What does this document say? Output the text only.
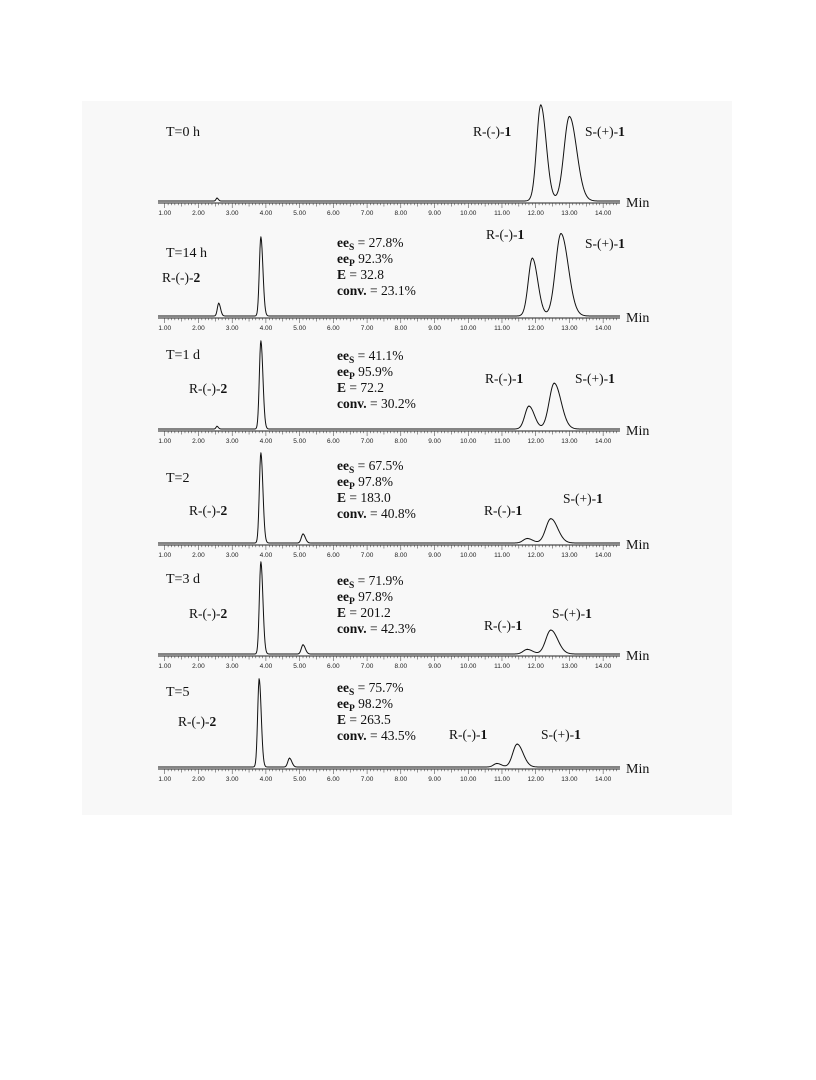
1.00	2.00	3.00	4.00	5.00	6.00	7.00	8.00	9.00	10.00	11.00	12.00	13.00	14.00
Min
T=0 h	R-(-)-1	S-(+)-1
1.00	2.00	3.00	4.00	5.00	6.00	7.00	8.00	9.00	10.00	11.00	12.00	13.00	14.00
Min
T=14 h
R-(-)-2
R-(-)-1
S-(+)-1
$ee_S = 27.8\%$
$ee_P$ 92.3%
E = 32.8
conv. = 23.1%
1.00	2.00	3.00	4.00	5.00	6.00	7.00	8.00	9.00	10.00	11.00	12.00	13.00	14.00
Min
T=1 d
R-(-)-2
R-(-)-1	S-(+)-1
$ee_S = 41.1\%$
$ee_P$ 95.9%
E = 72.2
conv. = 30.2%
1.00	2.00	3.00	4.00	5.00	6.00	7.00	8.00	9.00	10.00	11.00	12.00	13.00	14.00
Min
T=2
R-(-)-2	R-(-)-1
S-(+)-1
$ee_S = 67.5\%$
$ee_P$ 97.8%
E = 183.0
conv. = 40.8%
1.00	2.00	3.00	4.00	5.00	6.00	7.00	8.00	9.00	10.00	11.00	12.00	13.00	14.00
Min
T=3 d
R-(-)-2
R-(-)-1
S-(+)-1
$ee_S = 71.9\%$
$ee_P$ 97.8%
E = 201.2
conv. = 42.3%
1.00	2.00	3.00	4.00	5.00	6.00	7.00	8.00	9.00	10.00	11.00	12.00	13.00	14.00
Min
T=5
R-(-)-2
R-(-)-1	S-(+)-1
$ee_S = 75.7\%$
$ee_P$ 98.2%
E = 263.5
conv. = 43.5%
